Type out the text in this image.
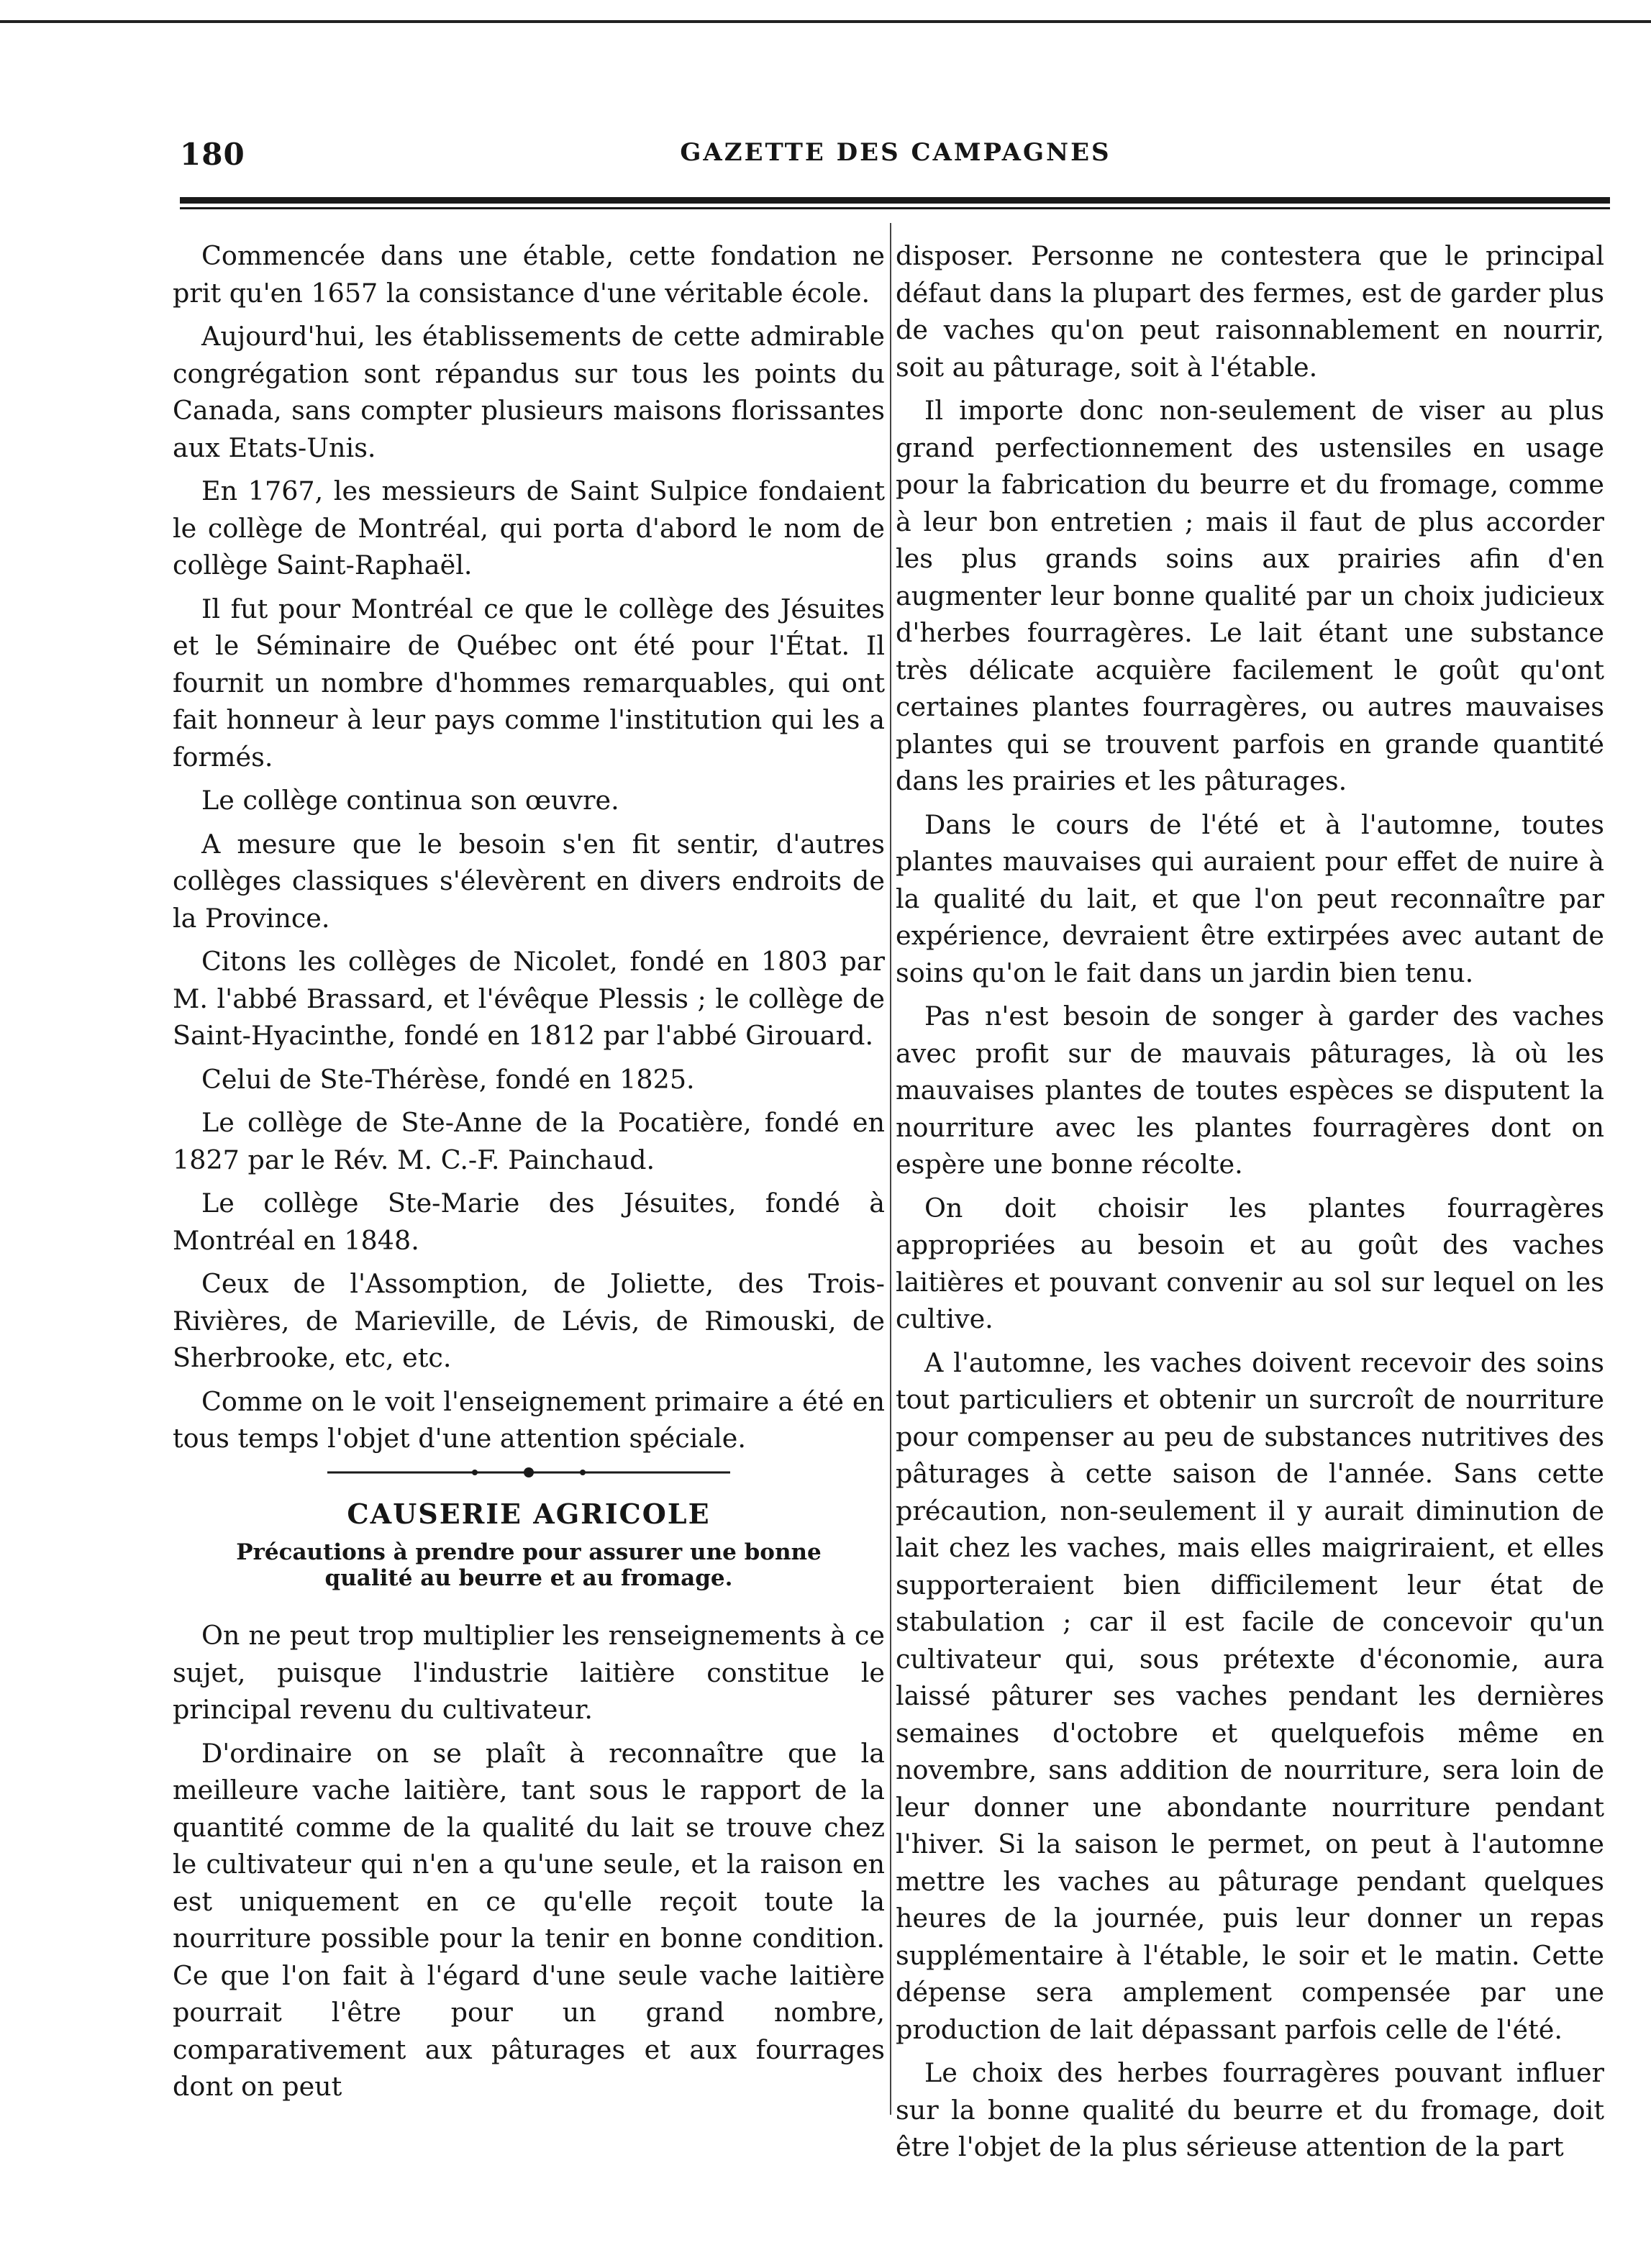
180	GAZETTE DES CAMPAGNES

Commencée dans une étable, cette fondation ne prit qu'en 1657 la consistance d'une véritable école.

Aujourd'hui, les établissements de cette admirable congrégation sont répandus sur tous les points du Canada, sans compter plusieurs maisons florissantes aux Etats-Unis.

En 1767, les messieurs de Saint Sulpice fondaient le collège de Montréal, qui porta d'abord le nom de collège Saint-Raphaël.

Il fut pour Montréal ce que le collège des Jésuites et le Séminaire de Québec ont été pour l'État. Il fournit un nombre d'hommes remarquables, qui ont fait honneur à leur pays comme l'institution qui les a formés.

Le collège continua son œuvre.

A mesure que le besoin s'en fit sentir, d'autres collèges classiques s'élevèrent en divers endroits de la Province.

Citons les collèges de Nicolet, fondé en 1803 par M. l'abbé Brassard, et l'évêque Plessis ; le collège de Saint-Hyacinthe, fondé en 1812 par l'abbé Girouard.

Celui de Ste-Thérèse, fondé en 1825.

Le collège de Ste-Anne de la Pocatière, fondé en 1827 par le Rév. M. C.-F. Painchaud.

Le collège Ste-Marie des Jésuites, fondé à Montréal en 1848.

Ceux de l'Assomption, de Joliette, des Trois-Rivières, de Marieville, de Lévis, de Rimouski, de Sherbrooke, etc, etc.

Comme on le voit l'enseignement primaire a été en tous temps l'objet d'une attention spéciale.

CAUSERIE AGRICOLE
Précautions à prendre pour assurer une bonne qualité au beurre et au fromage.

On ne peut trop multiplier les renseignements à ce sujet, puisque l'industrie laitière constitue le principal revenu du cultivateur.

D'ordinaire on se plaît à reconnaître que la meilleure vache laitière, tant sous le rapport de la quantité comme de la qualité du lait se trouve chez le cultivateur qui n'en a qu'une seule, et la raison en est uniquement en ce qu'elle reçoit toute la nourriture possible pour la tenir en bonne condition. Ce que l'on fait à l'égard d'une seule vache laitière pourrait l'être pour un grand nombre, comparativement aux pâturages et aux fourrages dont on peut

disposer. Personne ne contestera que le principal défaut dans la plupart des fermes, est de garder plus de vaches qu'on peut raisonnablement en nourrir, soit au pâturage, soit à l'étable.

Il importe donc non-seulement de viser au plus grand perfectionnement des ustensiles en usage pour la fabrication du beurre et du fromage, comme à leur bon entretien ; mais il faut de plus accorder les plus grands soins aux prairies afin d'en augmenter leur bonne qualité par un choix judicieux d'herbes fourragères. Le lait étant une substance très délicate acquière facilement le goût qu'ont certaines plantes fourragères, ou autres mauvaises plantes qui se trouvent parfois en grande quantité dans les prairies et les pâturages.

Dans le cours de l'été et à l'automne, toutes plantes mauvaises qui auraient pour effet de nuire à la qualité du lait, et que l'on peut reconnaître par expérience, devraient être extirpées avec autant de soins qu'on le fait dans un jardin bien tenu.

Pas n'est besoin de songer à garder des vaches avec profit sur de mauvais pâturages, là où les mauvaises plantes de toutes espèces se disputent la nourriture avec les plantes fourragères dont on espère une bonne récolte.

On doit choisir les plantes fourragères appropriées au besoin et au goût des vaches laitières et pouvant convenir au sol sur lequel on les cultive.

A l'automne, les vaches doivent recevoir des soins tout particuliers et obtenir un surcroît de nourriture pour compenser au peu de substances nutritives des pâturages à cette saison de l'année. Sans cette précaution, non-seulement il y aurait diminution de lait chez les vaches, mais elles maigriraient, et elles supporteraient bien difficilement leur état de stabulation ; car il est facile de concevoir qu'un cultivateur qui, sous prétexte d'économie, aura laissé pâturer ses vaches pendant les dernières semaines d'octobre et quelquefois même en novembre, sans addition de nourriture, sera loin de leur donner une abondante nourriture pendant l'hiver. Si la saison le permet, on peut à l'automne mettre les vaches au pâturage pendant quelques heures de la journée, puis leur donner un repas supplémentaire à l'étable, le soir et le matin. Cette dépense sera amplement compensée par une production de lait dépassant parfois celle de l'été.

Le choix des herbes fourragères pouvant influer sur la bonne qualité du beurre et du fromage, doit être l'objet de la plus sérieuse attention de la part
